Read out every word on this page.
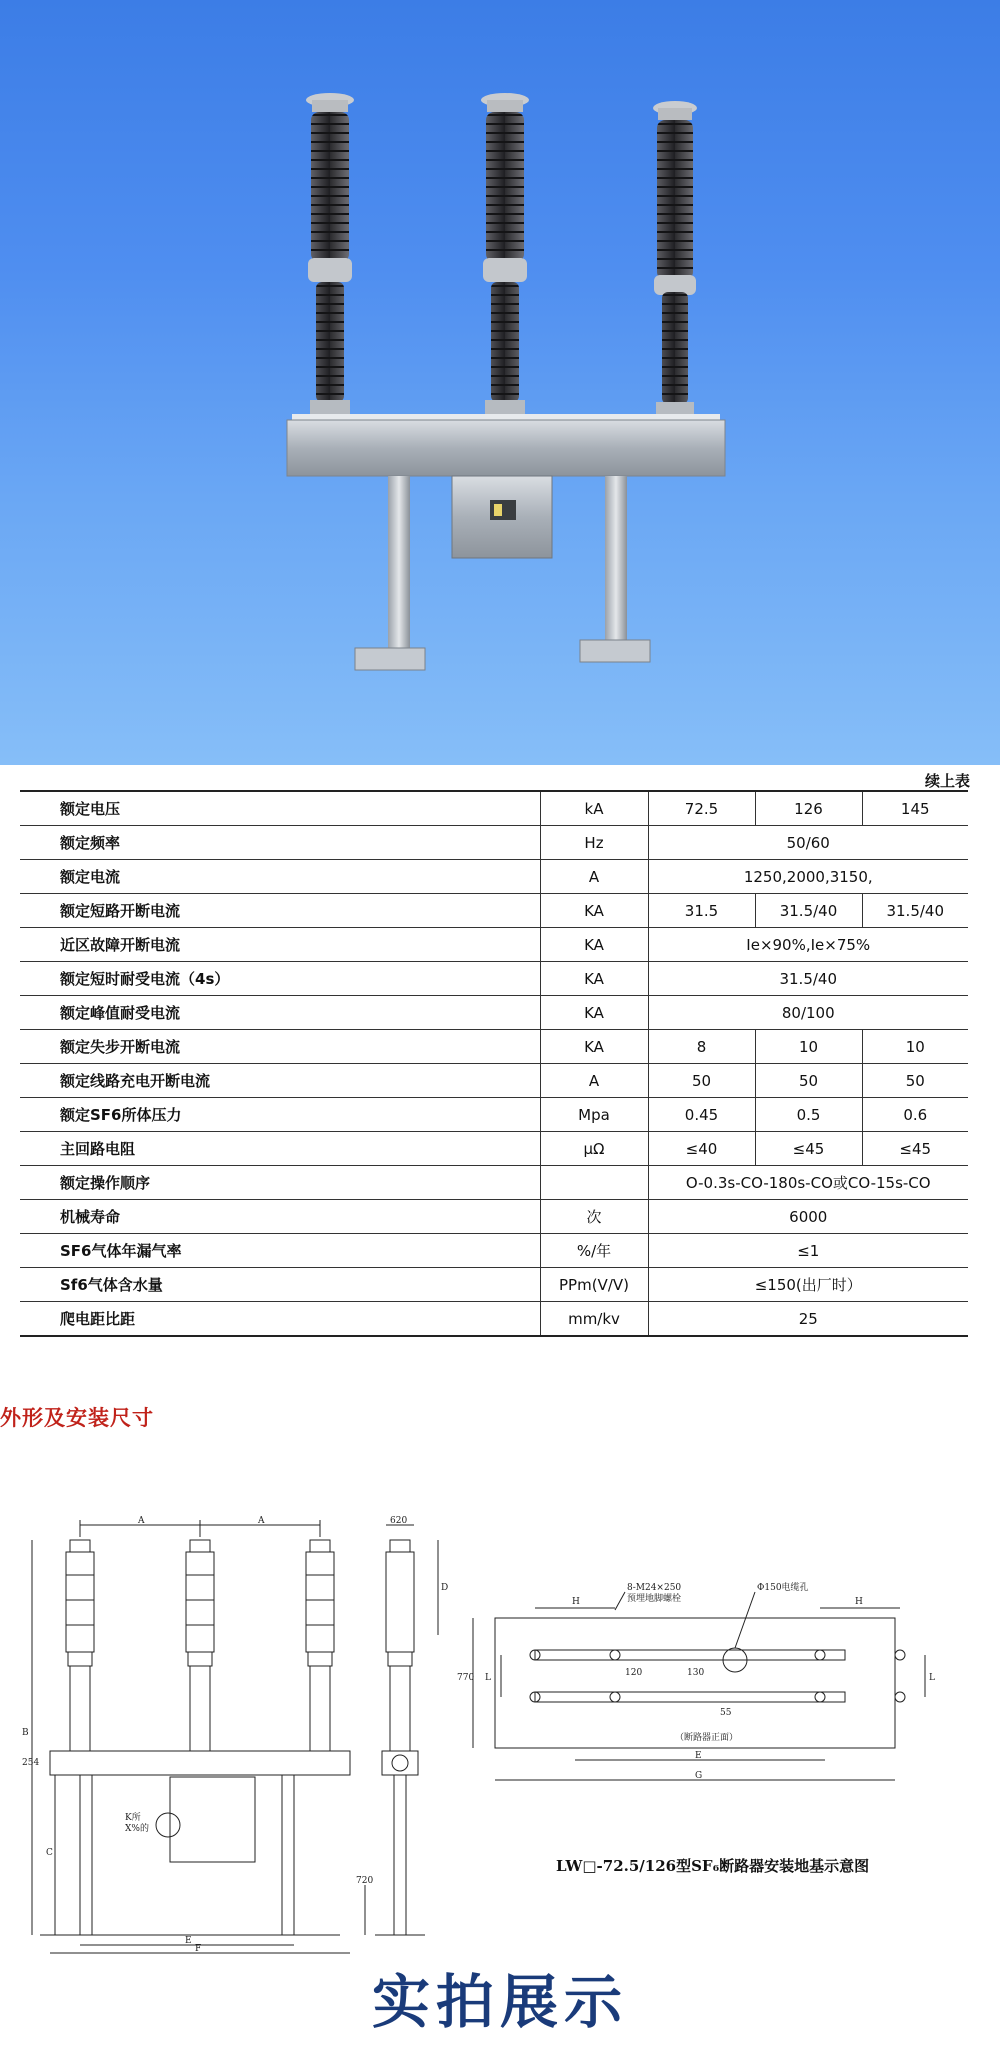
续上表
额定电压	kA	72.5	126	145
额定频率	Hz	50/60		
额定电流	A	1250,2000,3150,		
额定短路开断电流	KA	31.5	31.5/40	31.5/40
近区故障开断电流	KA	Ie×90%,Ie×75%		
额定短时耐受电流（4s）	KA	31.5/40		
额定峰值耐受电流	KA	80/100		
额定失步开断电流	KA	8	10	10
额定线路充电开断电流	A	50	50	50
额定SF6所体压力	Mpa	0.45	0.5	0.6
主回路电阻	μΩ	≤40	≤45	≤45
额定操作顺序		O-0.3s-CO-180s-CO或CO-15s-CO		
机械寿命	次	6000		
SF6气体年漏气率	%/年	≤1		
Sf6气体含水量	PPm(V/V)	≤150(出厂时）		
爬电距比距	mm/kv	25		
外形及安装尺寸
A	A	620
D
B
C
E
F
254
720
K所
X%的
H	H
L	L
E
G
120	130
55
770
8-M24×250
预埋地脚螺栓
Φ150电缆孔
（断路器正面）
LW□-72.5/126型SF₆断路器安装地基示意图
实拍展示
